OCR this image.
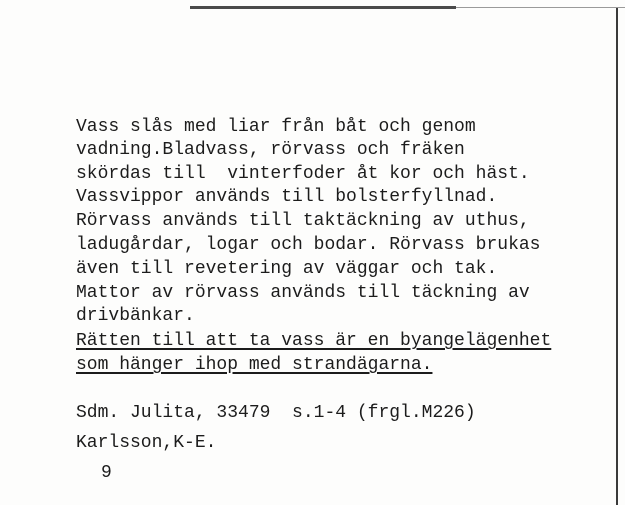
Vass slås med liar från båt och genom
vadning.Bladvass, rörvass och fräken
skördas till  vinterfoder åt kor och häst.
Vassvippor används till bolsterfyllnad.
Rörvass används till taktäckning av uthus,
ladugårdar, logar och bodar. Rörvass brukas
även till revetering av väggar och tak.
Mattor av rörvass används till täckning av
drivbänkar.
Rätten till att ta vass är en byangelägenhet
som hänger ihop med strandägarna.
Sdm. Julita, 33479  s.1-4 (frgl.M226)
Karlsson,K-E.
9
